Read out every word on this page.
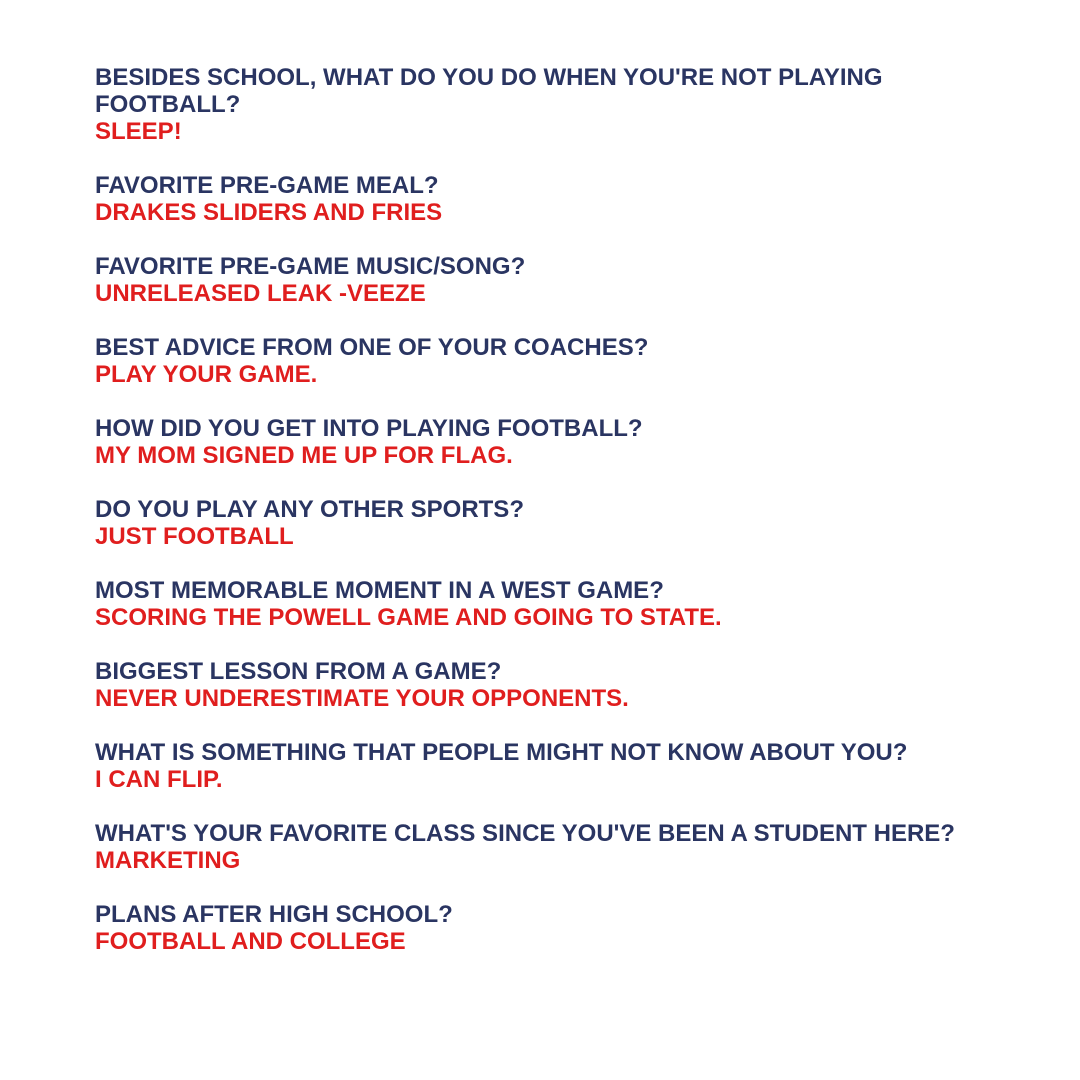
BESIDES SCHOOL, WHAT DO YOU DO WHEN YOU'RE NOT PLAYING FOOTBALL?
SLEEP!
FAVORITE PRE-GAME MEAL?
DRAKES SLIDERS AND FRIES
FAVORITE PRE-GAME MUSIC/SONG?
UNRELEASED LEAK -VEEZE
BEST ADVICE FROM ONE OF YOUR COACHES?
PLAY YOUR GAME.
HOW DID YOU GET INTO PLAYING FOOTBALL?
MY MOM SIGNED ME UP FOR FLAG.
DO YOU PLAY ANY OTHER SPORTS?
JUST FOOTBALL
MOST MEMORABLE MOMENT IN A WEST GAME?
SCORING THE POWELL GAME AND GOING TO STATE.
BIGGEST LESSON FROM A GAME?
NEVER UNDERESTIMATE YOUR OPPONENTS.
WHAT IS SOMETHING THAT PEOPLE MIGHT NOT KNOW ABOUT YOU?
I CAN FLIP.
WHAT'S YOUR FAVORITE CLASS SINCE YOU'VE BEEN A STUDENT HERE?
MARKETING
PLANS AFTER HIGH SCHOOL?
FOOTBALL AND COLLEGE
